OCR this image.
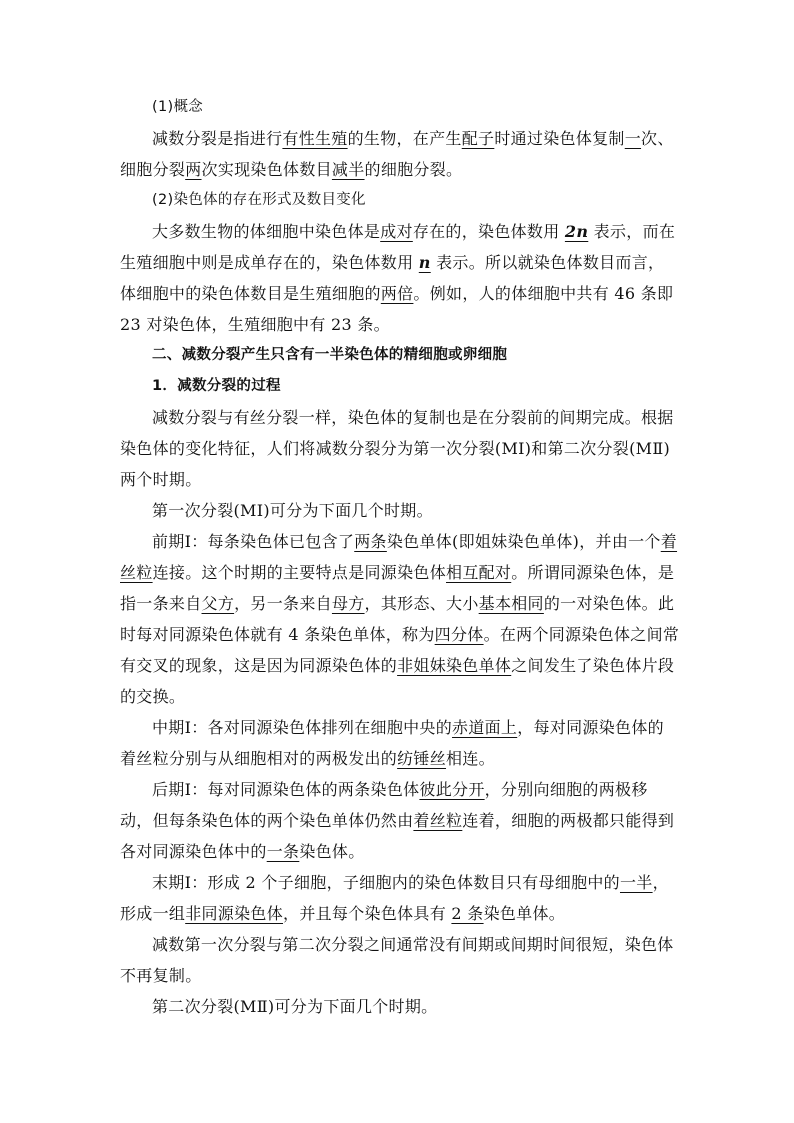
(1)概念

减数分裂是指进行有性生殖的生物，在产生配子时通过染色体复制一次、细胞分裂两次实现染色体数目减半的细胞分裂。

(2)染色体的存在形式及数目变化

大多数生物的体细胞中染色体是成对存在的，染色体数用 2n 表示，而在生殖细胞中则是成单存在的，染色体数用 n 表示。所以就染色体数目而言，体细胞中的染色体数目是生殖细胞的两倍。例如，人的体细胞中共有 46 条即 23 对染色体，生殖细胞中有 23 条。

二、减数分裂产生只含有一半染色体的精细胞或卵细胞

1．减数分裂的过程

减数分裂与有丝分裂一样，染色体的复制也是在分裂前的间期完成。根据染色体的变化特征，人们将减数分裂分为第一次分裂(MⅠ)和第二次分裂(MⅡ)两个时期。

第一次分裂(MⅠ)可分为下面几个时期。

前期Ⅰ：每条染色体已包含了两条染色单体(即姐妹染色单体)，并由一个着丝粒连接。这个时期的主要特点是同源染色体相互配对。所谓同源染色体，是指一条来自父方，另一条来自母方，其形态、大小基本相同的一对染色体。此时每对同源染色体就有 4 条染色单体，称为四分体。在两个同源染色体之间常有交叉的现象，这是因为同源染色体的非姐妹染色单体之间发生了染色体片段的交换。

中期Ⅰ：各对同源染色体排列在细胞中央的赤道面上，每对同源染色体的着丝粒分别与从细胞相对的两极发出的纺锤丝相连。

后期Ⅰ：每对同源染色体的两条染色体彼此分开，分别向细胞的两极移动，但每条染色体的两个染色单体仍然由着丝粒连着，细胞的两极都只能得到各对同源染色体中的一条染色体。

末期Ⅰ：形成 2 个子细胞，子细胞内的染色体数目只有母细胞中的一半，形成一组非同源染色体，并且每个染色体具有 2 条染色单体。

减数第一次分裂与第二次分裂之间通常没有间期或间期时间很短，染色体不再复制。

第二次分裂(MⅡ)可分为下面几个时期。
